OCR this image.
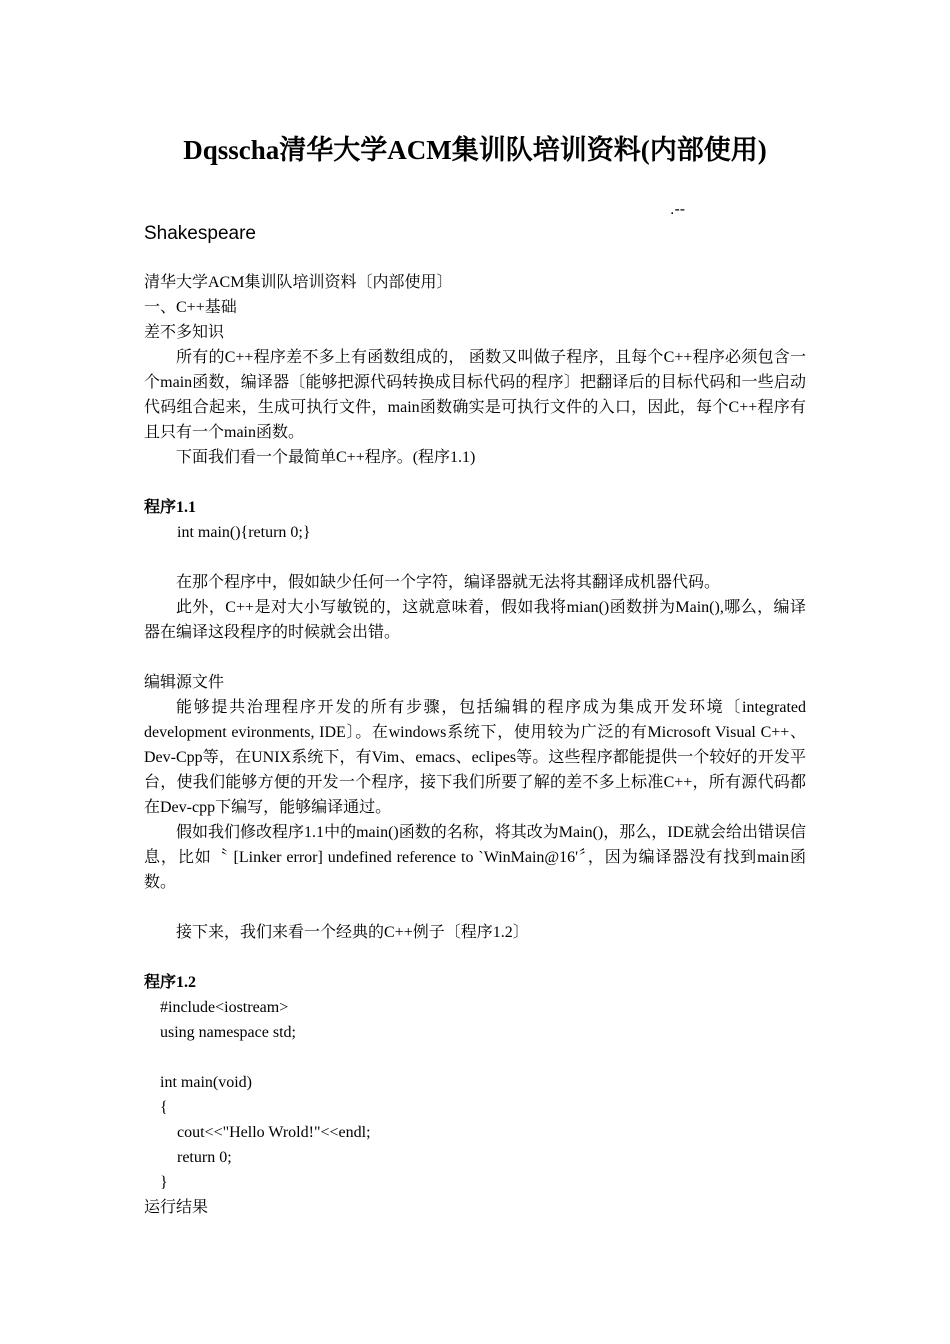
Dqsscha清华大学ACM集训队培训资料(内部使用)
.--
Shakespeare
清华大学ACM集训队培训资料〔内部使用〕
一、C++基础
差不多知识
所有的C++程序差不多上有函数组成的， 函数又叫做子程序，且每个C++程序必须包含一个main函数，编译器〔能够把源代码转换成目标代码的程序〕把翻译后的目标代码和一些启动代码组合起来，生成可执行文件，main函数确实是可执行文件的入口，因此，每个C++程序有且只有一个main函数。
下面我们看一个最简单C++程序。(程序1.1)
程序1.1
int main(){return 0;}
在那个程序中，假如缺少任何一个字符，编译器就无法将其翻译成机器代码。
此外，C++是对大小写敏锐的，这就意味着，假如我将mian()函数拼为Main(),哪么，编译器在编译这段程序的时候就会出错。
编辑源文件
能够提共治理程序开发的所有步骤，包括编辑的程序成为集成开发环境〔integrated development evironments, IDE〕。在windows系统下，使用较为广泛的有Microsoft Visual C++、Dev-Cpp等，在UNIX系统下，有Vim、emacs、eclipes等。这些程序都能提供一个较好的开发平台，使我们能够方便的开发一个程序，接下我们所要了解的差不多上标准C++，所有源代码都在Dev-cpp下编写，能够编译通过。
假如我们修改程序1.1中的main()函数的名称，将其改为Main()，那么，IDE就会给出错误信息，比如〝 [Linker error] undefined reference to `WinMain@16'〞，因为编译器没有找到main函数。
接下来，我们来看一个经典的C++例子〔程序1.2〕
程序1.2
#include<iostream>
using namespace std;
int main(void)
{
cout<<"Hello Wrold!"<<endl;
return 0;
}
运行结果
